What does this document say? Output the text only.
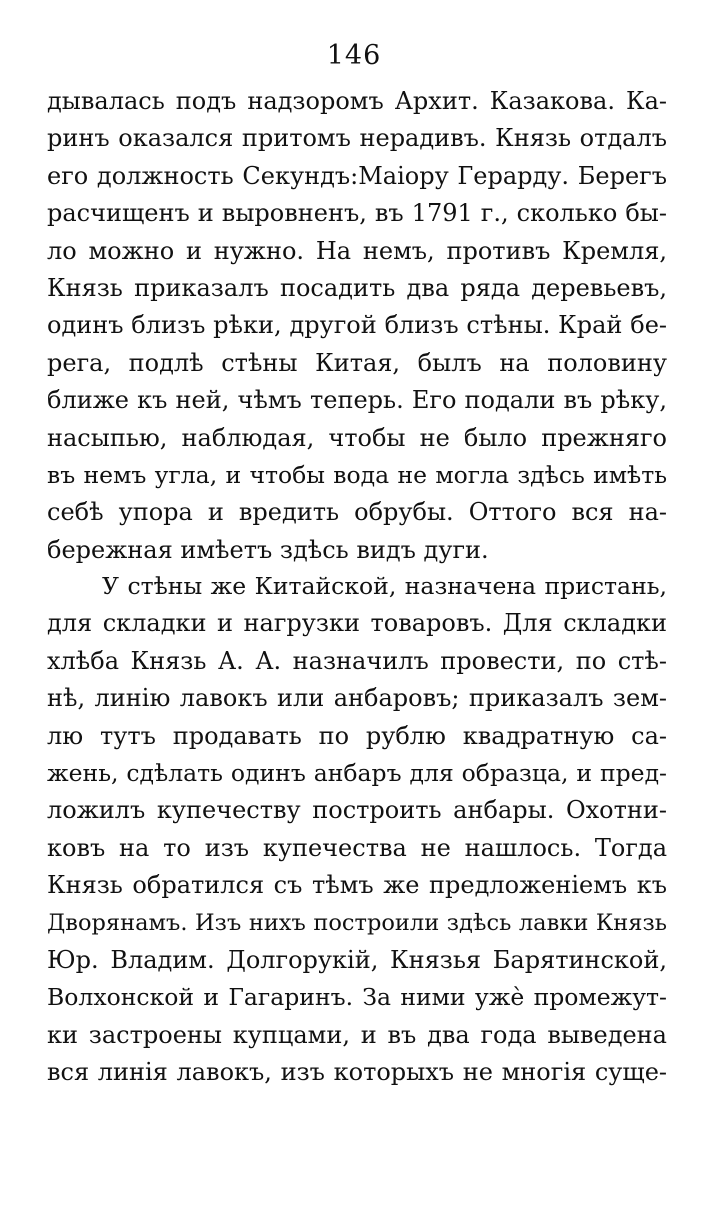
146
дывалась подъ надзоромъ Архит. Казакова. Ка-
ринъ оказался притомъ нерадивъ. Князь отдалъ
его должность Секундъ:Маіору Герарду. Берегъ
расчищенъ и выровненъ, въ 1791 г., сколько бы-
ло можно и нужно. На немъ, противъ Кремля,
Князь приказалъ посадить два ряда деревьевъ,
одинъ близъ рѣки, другой близъ стѣны. Край бе-
рега, подлѣ стѣны Китая, былъ на половину
ближе къ ней, чѣмъ теперь. Его подали въ рѣку,
насыпью, наблюдая, чтобы не было прежняго
въ немъ угла, и чтобы вода не могла здѣсь имѣть
себѣ упора и вредить обрубы. Оттого вся на-
бережная имѣетъ здѣсь видъ дуги.
У стѣны же Китайской, назначена пристань,
для складки и нагрузки товаровъ. Для складки
хлѣба Князь А. А. назначилъ провести, по стѣ-
нѣ, линію лавокъ или анбаровъ; приказалъ зем-
лю тутъ продавать по рублю квадратную са-
жень, сдѣлать одинъ анбаръ для образца, и пред-
ложилъ купечеству построить анбары. Охотни-
ковъ на то изъ купечества не нашлось. Тогда
Князь обратился съ тѣмъ же предложеніемъ къ
Дворянамъ. Изъ нихъ построили здѣсь лавки Князь
Юр. Владим. Долгорукій, Князья Барятинской,
Волхонской и Гагаринъ. За ними ужѐ промежут-
ки застроены купцами, и въ два года выведена
вся линія лавокъ, изъ которыхъ не многія суще-
